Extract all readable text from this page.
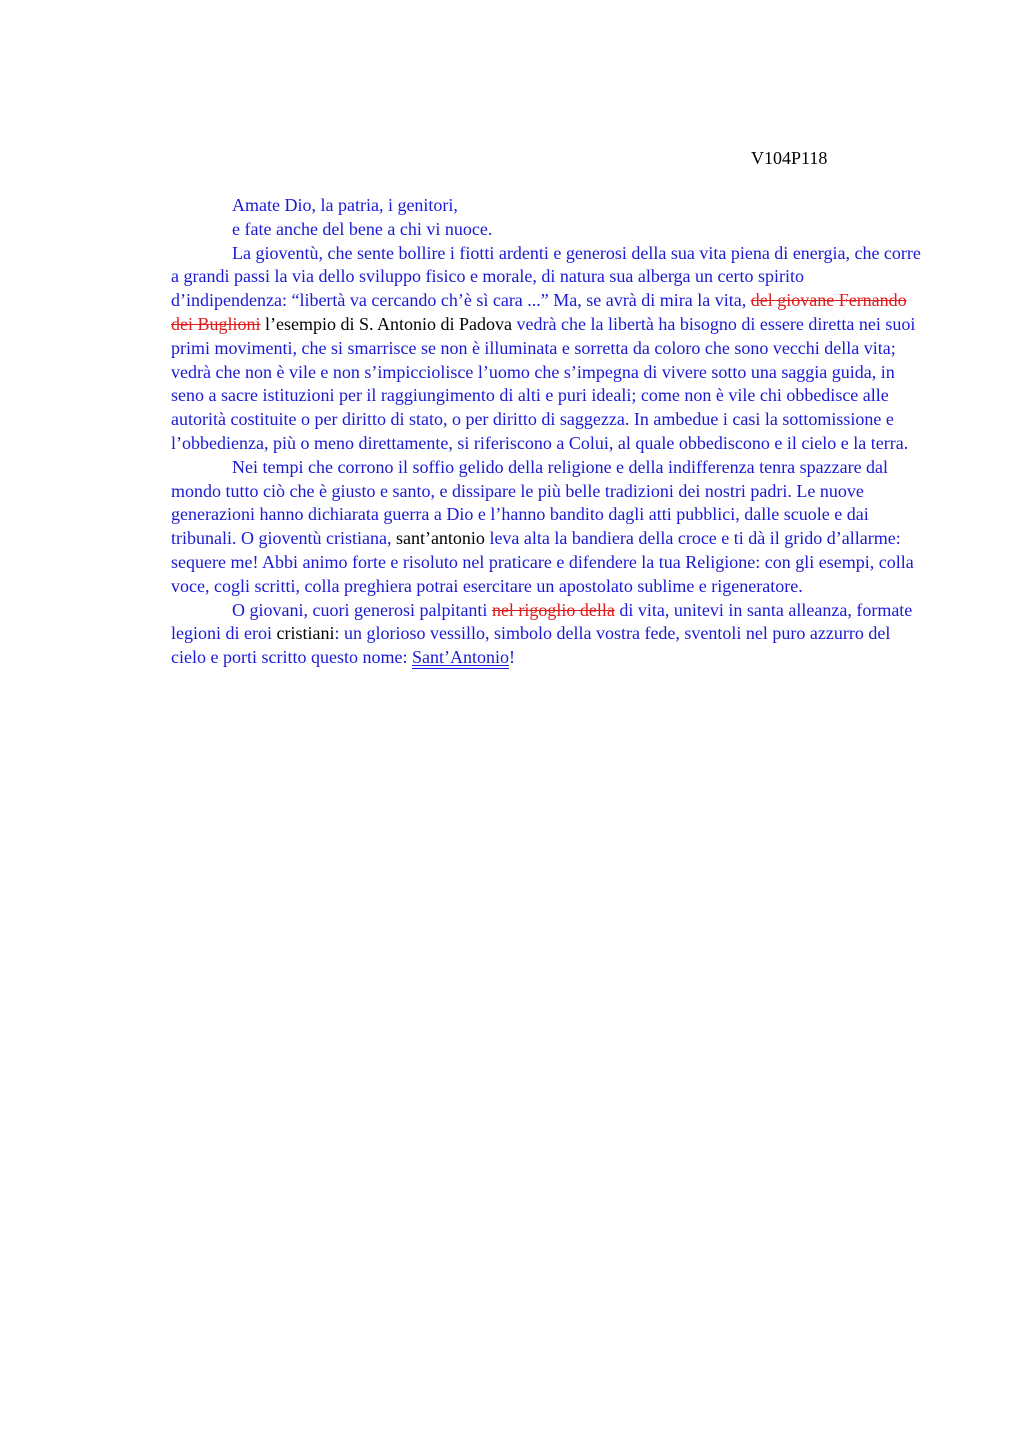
V104P118

Amate Dio, la patria, i genitori,

e fate anche del bene a chi vi nuoce.

La gioventù, che sente bollire i fiotti ardenti e generosi della sua vita piena di energia, che corre a grandi passi la via dello sviluppo fisico e morale, di natura sua alberga un certo spirito d’indipendenza: “libertà va cercando ch’è sì cara ...” Ma, se avrà di mira la vita, del giovane Fernando dei Buglioni l’esempio di S. Antonio di Padova vedrà che la libertà ha bisogno di essere diretta nei suoi primi movimenti, che si smarrisce se non è illuminata e sorretta da coloro che sono vecchi della vita; vedrà che non è vile e non s’impicciolisce l’uomo che s’impegna di vivere sotto una saggia guida, in seno a sacre istituzioni per il raggiungimento di alti e puri ideali; come non è vile chi obbedisce alle autorità costituite o per diritto di stato, o per diritto di saggezza. In ambedue i casi la sottomissione e l’obbedienza, più o meno direttamente, si riferiscono a Colui, al quale obbediscono e il cielo e la terra.

Nei tempi che corrono il soffio gelido della religione e della indifferenza tenra spazzare dal mondo tutto ciò che è giusto e santo, e dissipare le più belle tradizioni dei nostri padri. Le nuove generazioni hanno dichiarata guerra a Dio e l’hanno bandito dagli atti pubblici, dalle scuole e dai tribunali. O gioventù cristiana, sant’antonio leva alta la bandiera della croce e ti dà il grido d’allarme: sequere me! Abbi animo forte e risoluto nel praticare e difendere la tua Religione: con gli esempi, colla voce, cogli scritti, colla preghiera potrai esercitare un apostolato sublime e rigeneratore.

O giovani, cuori generosi palpitanti nel rigoglio della di vita, unitevi in santa alleanza, formate legioni di eroi cristiani: un glorioso vessillo, simbolo della vostra fede, sventoli nel puro azzurro del cielo e porti scritto questo nome: Sant’Antonio!
